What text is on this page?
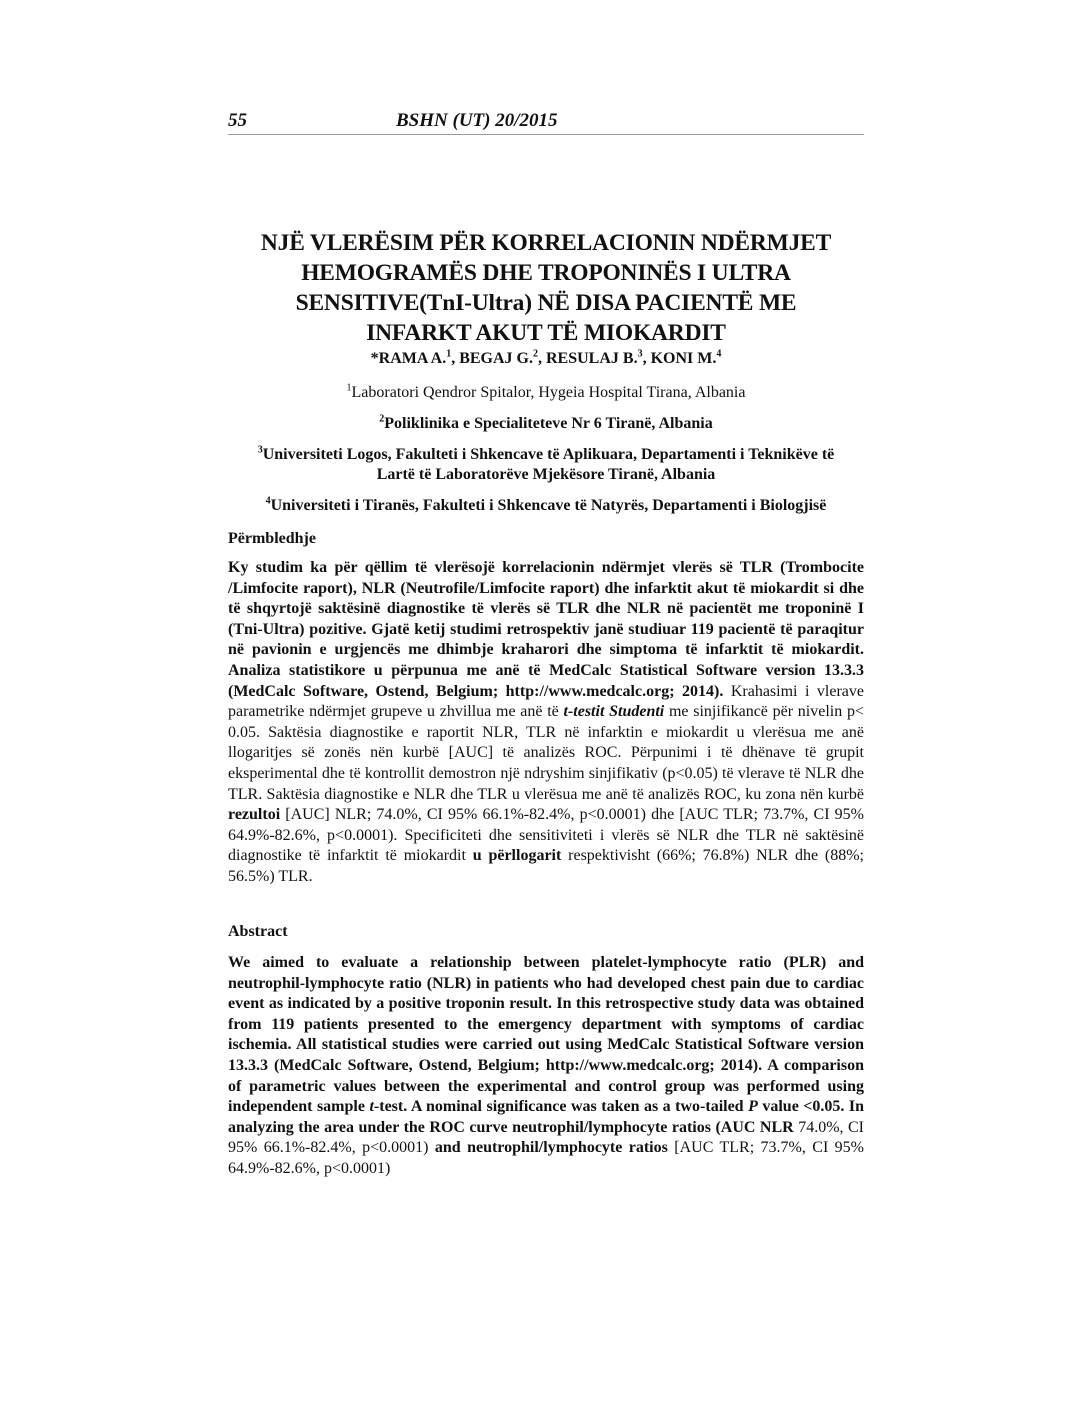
55	BSHN (UT) 20/2015
NJË VLERËSIM PËR KORRELACIONIN NDËRMJET
HEMOGRAMËS DHE TROPONINËS I ULTRA
SENSITIVE(TnI-Ultra) NË DISA PACIENTË ME
INFARKT AKUT TË MIOKARDIT
*RAMA A.$^1$, BEGAJ G.$^2$, RESULAJ B.$^3$, KONI M.$^4$
$^1$Laboratori Qendror Spitalor, Hygeia Hospital Tirana, Albania
$^2$Poliklinika e Specialiteteve Nr 6 Tiranë, Albania
$^3$Universiteti Logos, Fakulteti i Shkencave të Aplikuara, Departamenti i Teknikëve të
Lartë të Laboratorëve Mjekësore Tiranë, Albania
$^4$Universiteti i Tiranës, Fakulteti i Shkencave të Natyrës, Departamenti i Biologjisë
Përmbledhje
Ky studim ka për qëllim të vlerësojë korrelacionin ndërmjet vlerës së TLR (Trombocite /Limfocite raport), NLR (Neutrofile/Limfocite raport) dhe infarktit akut të miokardit si dhe të shqyrtojë saktësinë diagnostike të vlerës së TLR dhe NLR në pacientët me troponinë I (Tni-Ultra) pozitive. Gjatë ketij studimi retrospektiv janë studiuar 119 pacientë të paraqitur në pavionin e urgjencës me dhimbje kraharori dhe simptoma të infarktit të miokardit. Analiza statistikore u përpunua me anë të MedCalc Statistical Software version 13.3.3 (MedCalc Software, Ostend, Belgium; http://www.medcalc.org; 2014). Krahasimi i vlerave parametrike ndërmjet grupeve u zhvillua me anë të t-testit Studenti me sinjifikancë për nivelin p< 0.05. Saktësia diagnostike e raportit NLR, TLR në infarktin e miokardit u vlerësua me anë llogaritjes së zonës nën kurbë [AUC] të analizës ROC. Përpunimi i të dhënave të grupit eksperimental dhe të kontrollit demostron një ndryshim sinjifikativ (p<0.05) të vlerave të NLR dhe TLR. Saktësia diagnostike e NLR dhe TLR u vlerësua me anë të analizës ROC, ku zona nën kurbë rezultoi [AUC] NLR; 74.0%, CI 95% 66.1%-82.4%, p<0.0001) dhe [AUC TLR; 73.7%, CI 95% 64.9%-82.6%, p<0.0001). Specificiteti dhe sensitiviteti i vlerës së NLR dhe TLR në saktësinë diagnostike të infarktit të miokardit u përllogarit respektivisht (66%; 76.8%) NLR dhe (88%; 56.5%) TLR.
Abstract
We aimed to evaluate a relationship between platelet-lymphocyte ratio (PLR) and neutrophil-lymphocyte ratio (NLR) in patients who had developed chest pain due to cardiac event as indicated by a positive troponin result. In this retrospective study data was obtained from 119 patients presented to the emergency department with symptoms of cardiac ischemia. All statistical studies were carried out using MedCalc Statistical Software version 13.3.3 (MedCalc Software, Ostend, Belgium; http://www.medcalc.org; 2014). A comparison of parametric values between the experimental and control group was performed using independent sample t-test. A nominal significance was taken as a two-tailed P value <0.05. In analyzing the area under the ROC curve neutrophil/lymphocyte ratios (AUC NLR 74.0%, CI 95% 66.1%-82.4%, p<0.0001) and neutrophil/lymphocyte ratios [AUC TLR; 73.7%, CI 95% 64.9%-82.6%, p<0.0001)
